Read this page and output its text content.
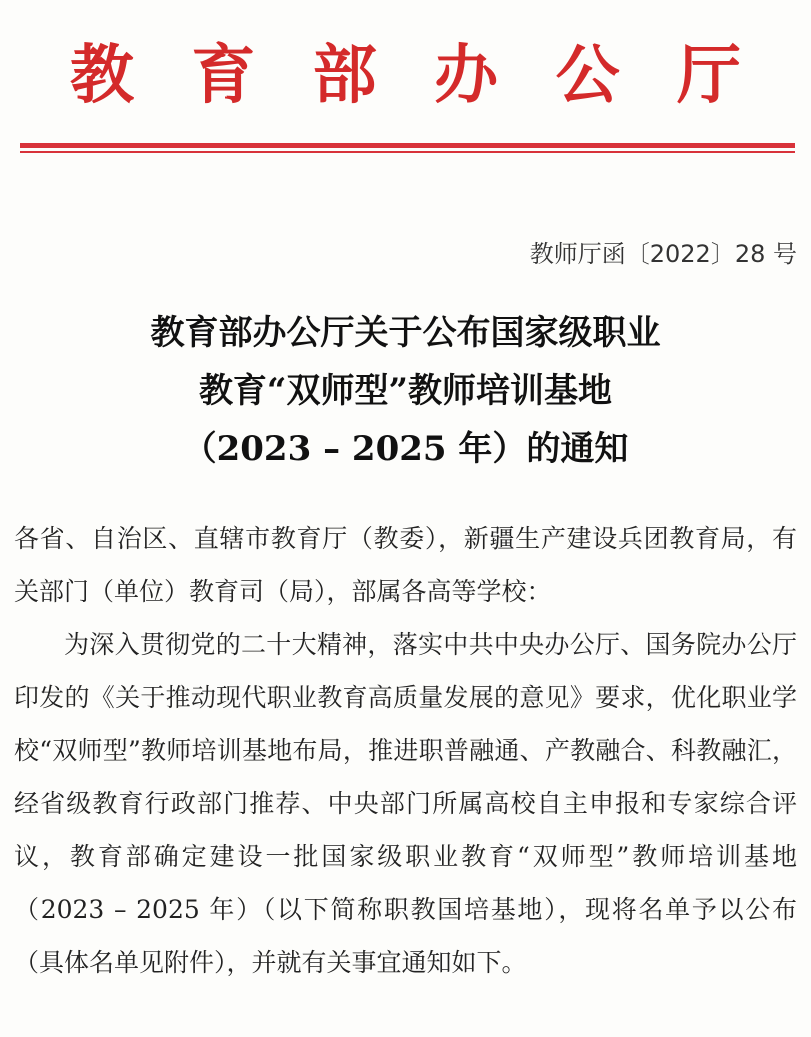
教 育 部 办 公 厅
教师厅函〔2022〕28 号
教育部办公厅关于公布国家级职业
教育“双师型”教师培训基地
（2023 – 2025 年）的通知

各省、自治区、直辖市教育厅（教委），新疆生产建设兵团教育局，有关部门（单位）教育司（局），部属各高等学校：

为深入贯彻党的二十大精神，落实中共中央办公厅、国务院办公厅印发的《关于推动现代职业教育高质量发展的意见》要求，优化职业学校“双师型”教师培训基地布局，推进职普融通、产教融合、科教融汇，经省级教育行政部门推荐、中央部门所属高校自主申报和专家综合评议，教育部确定建设一批国家级职业教育“双师型”教师培训基地（2023 – 2025 年）（以下简称职教国培基地），现将名单予以公布（具体名单见附件），并就有关事宜通知如下。
